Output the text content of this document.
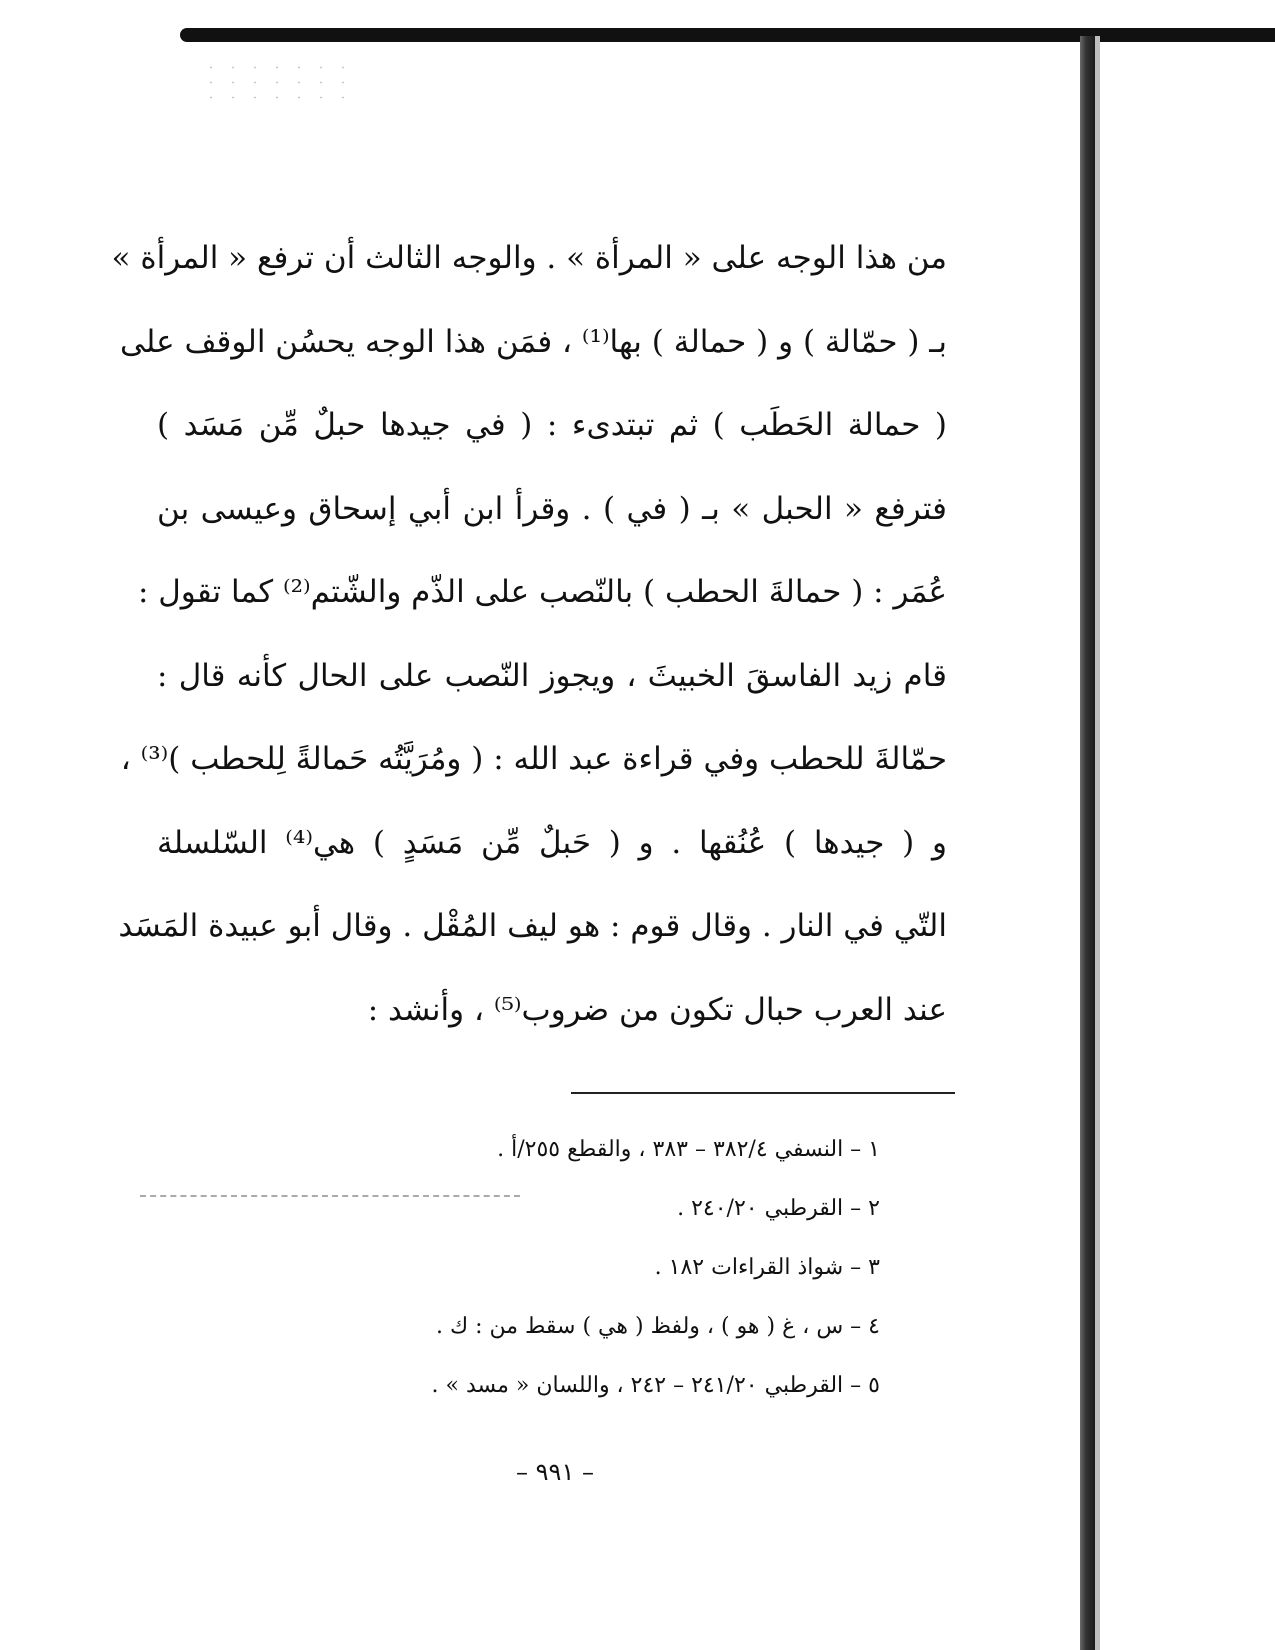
من هذا الوجه على « المرأة » . والوجه الثالث أن ترفع « المرأة »
بـ ( حمّالة ) و ( حمالة ) بها⁽¹⁾ ، فمَن هذا الوجه يحسُن الوقف على
( حمالة الحَطَب ) ثم تبتدىء : ( في جيدها حبلٌ مِّن مَسَد )
فترفع « الحبل » بـ ( في ) . وقرأ ابن أبي إسحاق وعيسى بن
عُمَر : ( حمالةَ الحطب ) بالنّصب على الذّم والشّتم⁽²⁾ كما تقول :
قام زيد الفاسقَ الخبيثَ ، ويجوز النّصب على الحال كأنه قال :
حمّالةَ للحطب وفي قراءة عبد الله : ( ومُرَيَّتُه حَمالةً لِلحطب )⁽³⁾ ،
و ( جيدها ) عُنُقها . و ( حَبلٌ مِّن مَسَدٍ ) هي⁽⁴⁾ السّلسلة
التّي في النار . وقال قوم : هو ليف المُقْل . وقال أبو عبيدة المَسَد
عند العرب حبال تكون من ضروب⁽⁵⁾ ، وأنشد :
١ – النسفي ٣٨٢/٤ – ٣٨٣ ، والقطع ٢٥٥/أ .
٢ – القرطبي ٢٤٠/٢٠ .
٣ – شواذ القراءات ١٨٢ .
٤ – س ، غ ( هو ) ، ولفظ ( هي ) سقط من : ك .
٥ – القرطبي ٢٤١/٢٠ – ٢٤٢ ، واللسان « مسد » .
– ٩٩١ –
